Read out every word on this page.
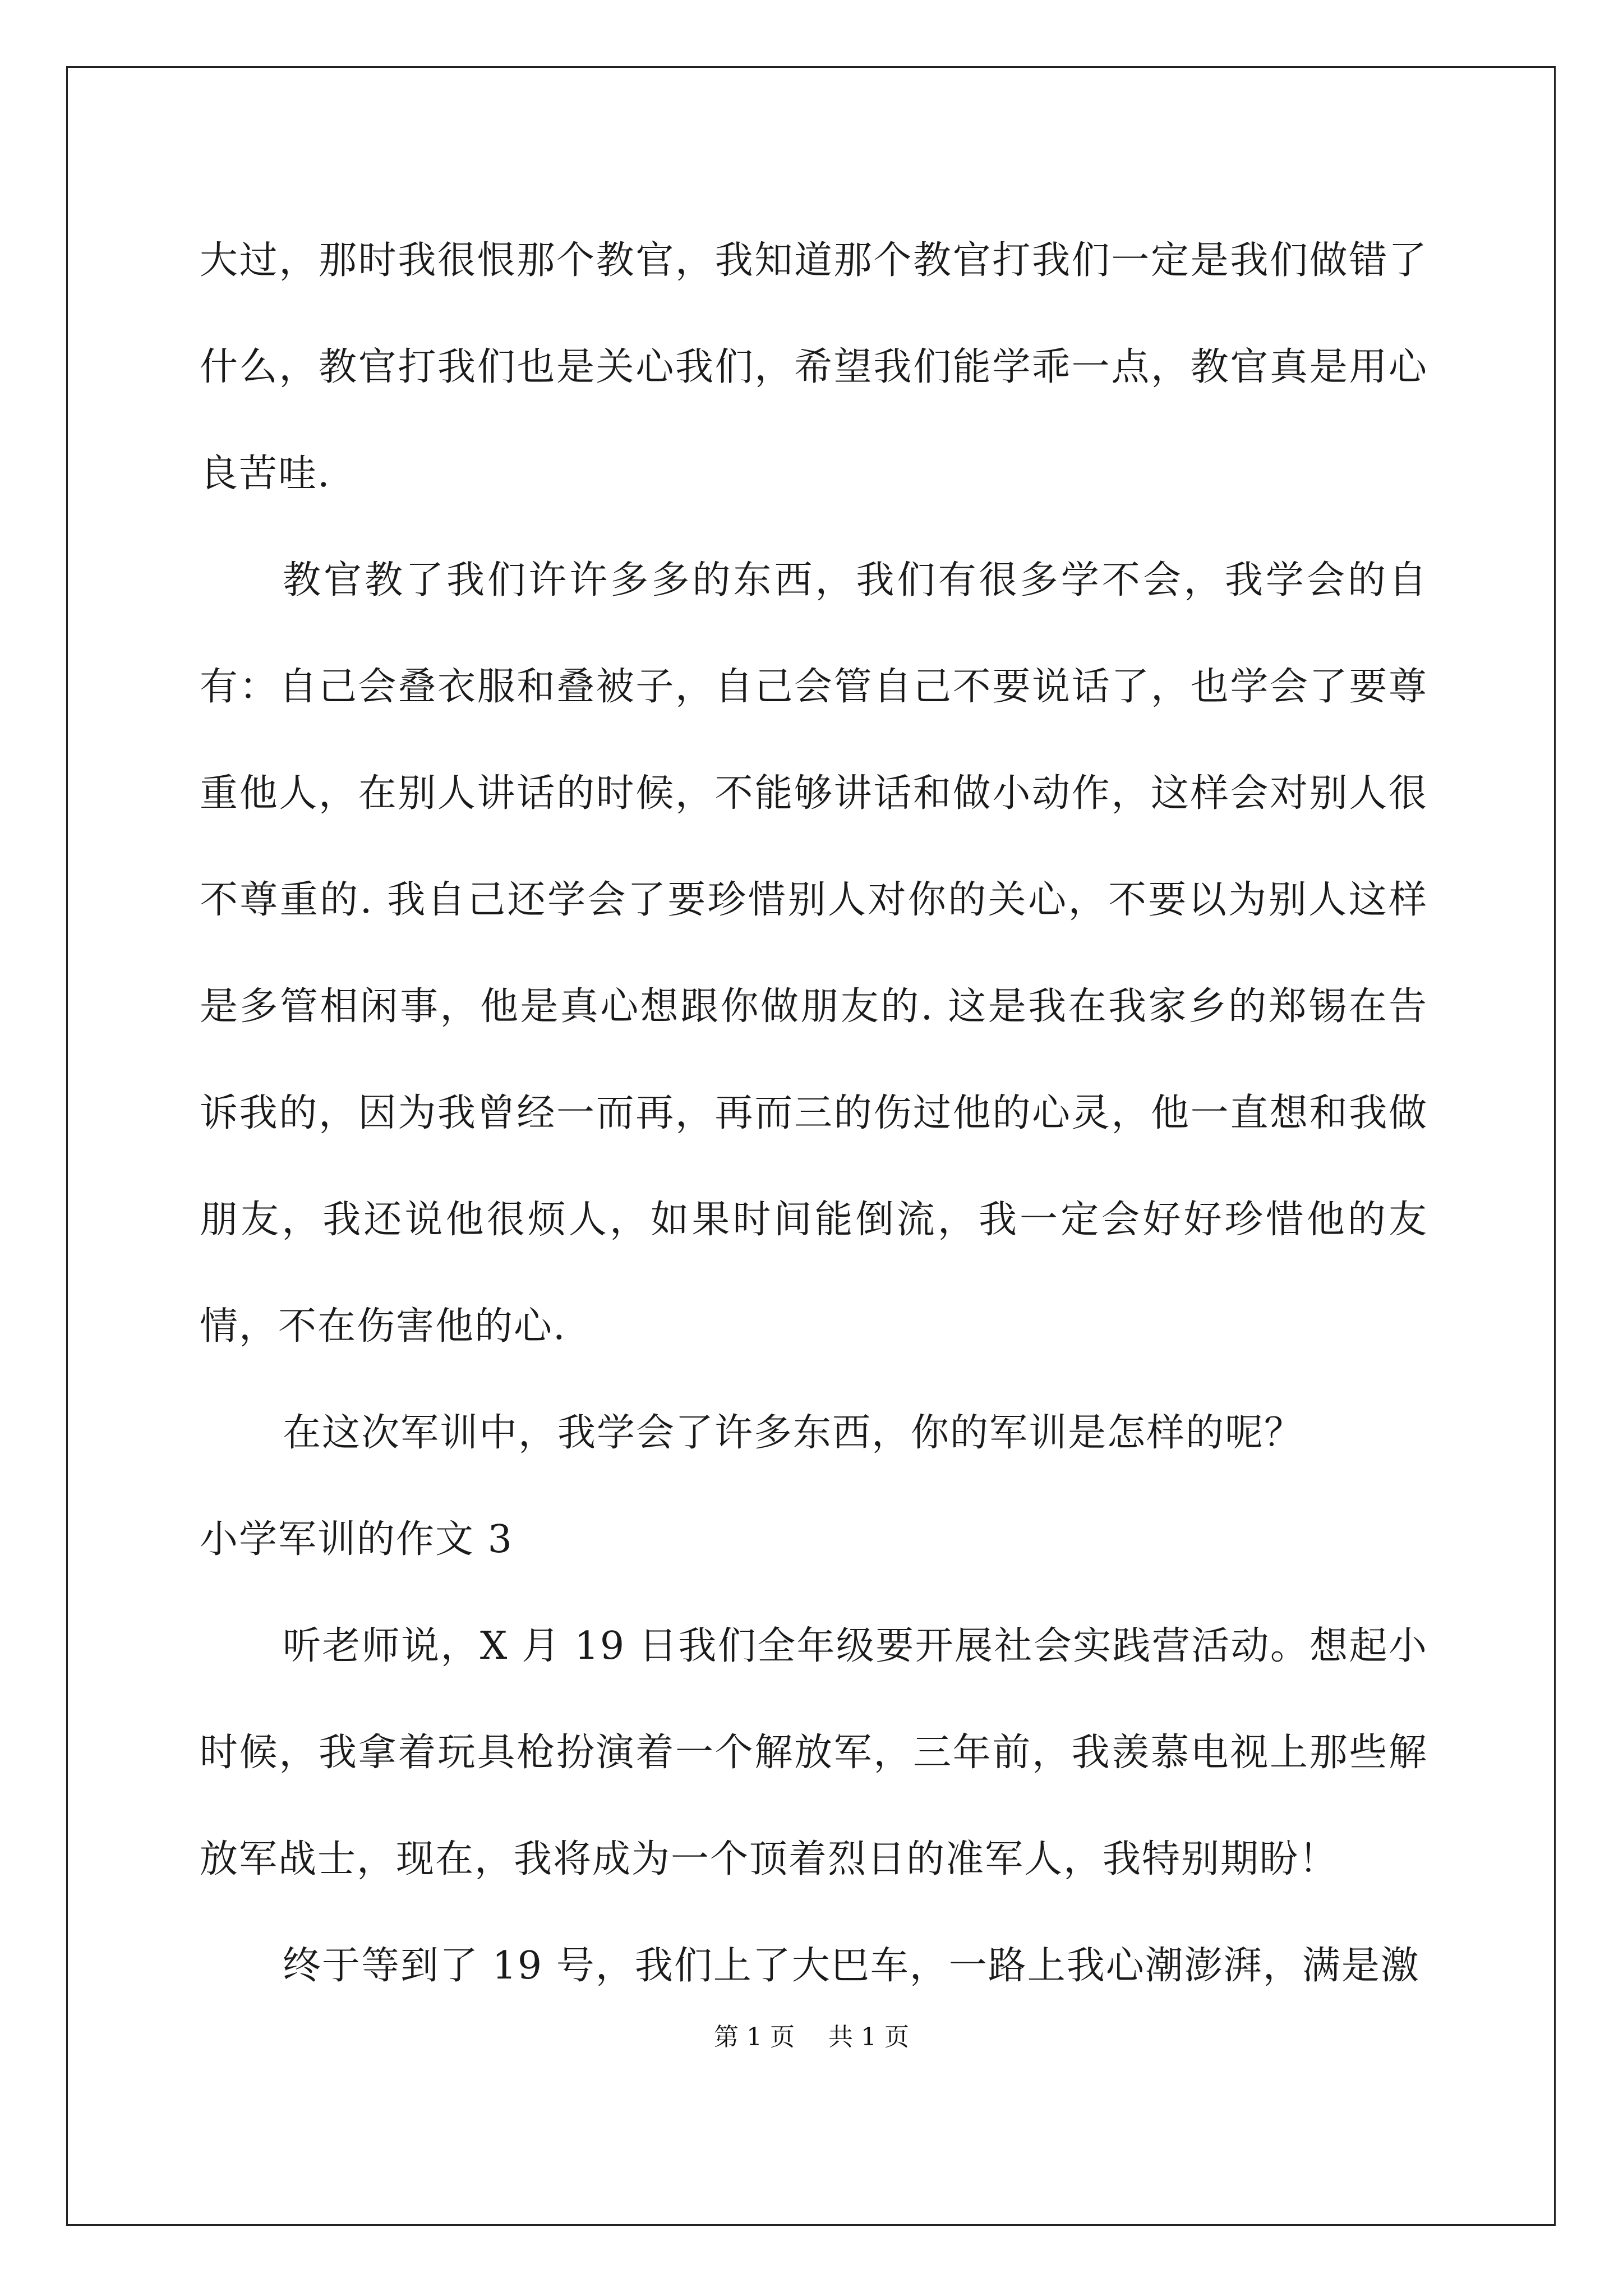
大过，那时我很恨那个教官，我知道那个教官打我们一定是我们做错了什么，教官打我们也是关心我们，希望我们能学乖一点，教官真是用心良苦哇.

教官教了我们许许多多的东西，我们有很多学不会，我学会的自有：自己会叠衣服和叠被子，自己会管自己不要说话了，也学会了要尊重他人，在别人讲话的时候，不能够讲话和做小动作，这样会对别人很不尊重的. 我自己还学会了要珍惜别人对你的关心，不要以为别人这样是多管相闲事，他是真心想跟你做朋友的. 这是我在我家乡的郑锡在告诉我的，因为我曾经一而再，再而三的伤过他的心灵，他一直想和我做朋友，我还说他很烦人，如果时间能倒流，我一定会好好珍惜他的友情，不在伤害他的心.

在这次军训中，我学会了许多东西，你的军训是怎样的呢？

小学军训的作文 3

听老师说，X 月 19 日我们全年级要开展社会实践营活动。想起小时候，我拿着玩具枪扮演着一个解放军，三年前，我羡慕电视上那些解放军战士，现在，我将成为一个顶着烈日的准军人，我特别期盼！

终于等到了 19 号，我们上了大巴车，一路上我心潮澎湃，满是激

第 1 页 共 1 页
